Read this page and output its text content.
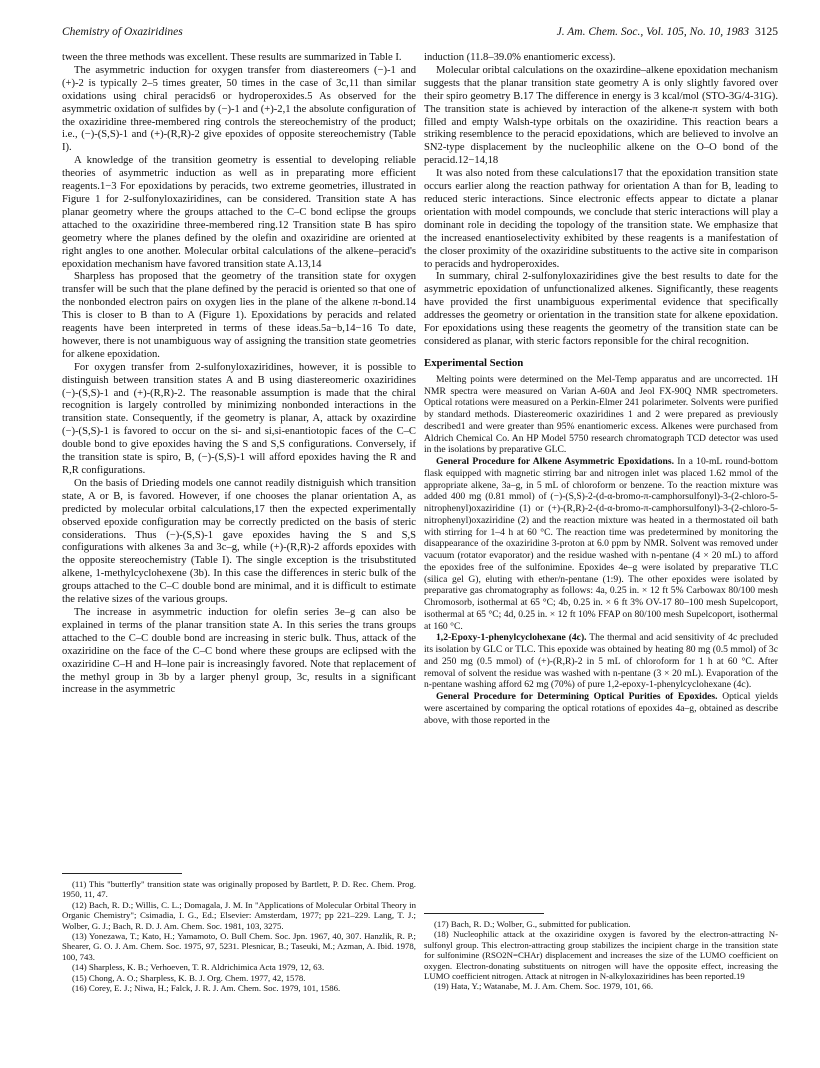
Chemistry of Oxaziridines	J. Am. Chem. Soc., Vol. 105, No. 10, 1983 3125

tween the three methods was excellent. These results are summarized in Table I.

The asymmetric induction for oxygen transfer from diastereomers (−)-1 and (+)-2 is typically 2–5 times greater, 50 times in the case of 3c,11 than similar oxidations using chiral peracids6 or hydroperoxides.5 As observed for the asymmetric oxidation of sulfides by (−)-1 and (+)-2,1 the absolute configuration of the oxaziridine three-membered ring controls the stereochemistry of the product; i.e., (−)-(S,S)-1 and (+)-(R,R)-2 give epoxides of opposite stereochemistry (Table I).

A knowledge of the transition geometry is essential to developing reliable theories of asymmetric induction as well as in preparating more efficient reagents.1−3 For epoxidations by peracids, two extreme geometries, illustrated in Figure 1 for 2-sulfonyloxaziridines, can be considered. Transition state A has planar geometry where the groups attached to the C–C bond eclipse the groups attached to the oxaziridine three-membered ring.12 Transition state B has spiro geometry where the planes defined by the olefin and oxaziridine are oriented at right angles to one another. Molecular orbital calculations of the alkene–peracid's epoxidation mechanism have favored transition state A.13,14

Sharpless has proposed that the geometry of the transition state for oxygen transfer will be such that the plane defined by the peracid is oriented so that one of the nonbonded electron pairs on oxygen lies in the plane of the alkene π-bond.14 This is closer to B than to A (Figure 1). Epoxidations by peracids and related reagents have been interpreted in terms of these ideas.5a−b,14−16 To date, however, there is not unambiguous way of assigning the transition state geometries for alkene epoxidation.

For oxygen transfer from 2-sulfonyloxaziridines, however, it is possible to distinguish between transition states A and B using diastereomeric oxaziridines (−)-(S,S)-1 and (+)-(R,R)-2. The reasonable assumption is made that the chiral recognition is largely controlled by minimizing nonbonded interactions in the transition state. Consequently, if the geometry is planar, A, attack by oxazirdine (−)-(S,S)-1 is favored to occur on the si- and si,si-enantiotopic faces of the C–C double bond to give epoxides having the S and S,S configurations. Conversely, if the transition state is spiro, B, (−)-(S,S)-1 will afford epoxides having the R and R,R configurations.

On the basis of Drieding models one cannot readily distniguish which transition state, A or B, is favored. However, if one chooses the planar orientation A, as predicted by molecular orbital calculations,17 then the expected experimentally observed epoxide configuration may be correctly predicted on the basis of steric considerations. Thus (−)-(S,S)-1 gave epoxides having the S and S,S configurations with alkenes 3a and 3c–g, while (+)-(R,R)-2 affords epoxides with the opposite stereochemistry (Table I). The single exception is the trisubstituted alkene, 1-methylcyclohexene (3b). In this case the differences in steric bulk of the groups attached to the C–C double bond are minimal, and it is difficult to estimate the relative sizes of the various groups.

The increase in asymmetric induction for olefin series 3e–g can also be explained in terms of the planar transition state A. In this series the trans groups attached to the C–C double bond are increasing in steric bulk. Thus, attack of the oxaziridine on the face of the C–C bond where these groups are eclipsed with the oxaziridine C–H and H–lone pair is increasingly favored. Note that replacement of the methyl group in 3b by a larger phenyl group, 3c, results in a significant increase in the asymmetric

induction (11.8–39.0% enantiomeric excess).

Molecular oribtal calculations on the oxazirdine–alkene epoxidation mechanism suggests that the planar transition state geometry A is only slightly favored over their spiro geometry B.17 The difference in energy is 3 kcal/mol (STO-3G/4-31G). The transition state is achieved by interaction of the alkene-π system with both filled and empty Walsh-type orbitals on the oxaziridine. This reaction bears a striking resemblence to the peracid epoxidations, which are believed to involve an SN2-type displacement by the nucleophilic alkene on the O–O bond of the peracid.12−14,18

It was also noted from these calculations17 that the epoxidation transition state occurs earlier along the reaction pathway for orientation A than for B, leading to reduced steric interactions. Since electronic effects appear to dictate a planar orientation with model compounds, we conclude that steric interactions will play a dominant role in deciding the topology of the transition state. We emphasize that the increased enantioselectivity exhibited by these reagents is a manifestation of the closer proximity of the oxaziridine substituents to the active site in comparison to peracids and hydroperoxides.

In summary, chiral 2-sulfonyloxaziridines give the best results to date for the asymmetric epoxidation of unfunctionalized alkenes. Significantly, these reagents have provided the first unambiguous experimental evidence that specifically addresses the geometry or orientation in the transition state for alkene epoxidation. For epoxidations using these reagents the geometry of the transition state can be considered as planar, with steric factors reponsible for the chiral recognition.

Experimental Section

Melting points were determined on the Mel-Temp apparatus and are uncorrected. 1H NMR spectra were measured on Varian A-60A and Jeol FX-90Q NMR spectrometers. Optical rotations were measured on a Perkin-Elmer 241 polarimeter. Solvents were purified by standard methods. Diastereomeric oxaziridines 1 and 2 were prepared as previously described1 and were greater than 95% enantiomeric excess. Alkenes were purchased from Aldrich Chemical Co. An HP Model 5750 research chromatograph TCD detector was used in the isolations by preparative GLC.

General Procedure for Alkene Asymmetric Epoxidations. In a 10-mL round-bottom flask equipped with magnetic stirring bar and nitrogen inlet was placed 1.62 mmol of the appropriate alkene, 3a–g, in 5 mL of chloroform or benzene. To the reaction mixture was added 400 mg (0.81 mmol) of (−)-(S,S)-2-(d-α-bromo-π-camphorsulfonyl)-3-(2-chloro-5-nitrophenyl)oxaziridine (1) or (+)-(R,R)-2-(d-α-bromo-π-camphorsulfonyl)-3-(2-chloro-5-nitrophenyl)oxaziridine (2) and the reaction mixture was heated in a thermostated oil bath with stirring for 1–4 h at 60 °C. The reaction time was predetermined by monitoring the disappearance of the oxaziridine 3-proton at 6.0 ppm by NMR. Solvent was removed under vacuum (rotator evaporator) and the residue washed with n-pentane (4 × 20 mL) to afford the epoxides free of the sulfonimine. Epoxides 4e–g were isolated by preparative TLC (silica gel G), eluting with ether/n-pentane (1:9). The other epoxides were isolated by preparative gas chromatography as follows: 4a, 0.25 in. × 12 ft 5% Carbowax 80/100 mesh Chromosorb, isothermal at 65 °C; 4b, 0.25 in. × 6 ft 3% OV-17 80–100 mesh Supelcoport, isothermal at 65 °C; 4d, 0.25 in. × 12 ft 10% FFAP on 80/100 mesh Supelcoport, isothermal at 160 °C.

1,2-Epoxy-1-phenylcyclohexane (4c). The thermal and acid sensitivity of 4c precluded its isolation by GLC or TLC. This epoxide was obtained by heating 80 mg (0.5 mmol) of 3c and 250 mg (0.5 mmol) of (+)-(R,R)-2 in 5 mL of chloroform for 1 h at 60 °C. After removal of solvent the residue was washed with n-pentane (3 × 20 mL). Evaporation of the n-pentane washing afford 62 mg (70%) of pure 1,2-epoxy-1-phenylcyclohexane (4c).

General Procedure for Determining Optical Purities of Epoxides. Optical yields were ascertained by comparing the optical rotations of epoxides 4a–g, obtained as describe above, with those reported in the

(11) This "butterfly" transition state was originally proposed by Bartlett, P. D. Rec. Chem. Prog. 1950, 11, 47.

(12) Bach, R. D.; Willis, C. L.; Domagala, J. M. In "Applications of Molecular Orbital Theory in Organic Chemistry"; Csimadia, I. G., Ed.; Elsevier: Amsterdam, 1977; pp 221–229. Lang, T. J.; Wolber, G. J.; Bach, R. D. J. Am. Chem. Soc. 1981, 103, 3275.

(13) Yonezawa, T.; Kato, H.; Yamamoto, O. Bull Chem. Soc. Jpn. 1967, 40, 307. Hanzlik, R. P.; Shearer, G. O. J. Am. Chem. Soc. 1975, 97, 5231. Plesnicar, B.; Taseuki, M.; Azman, A. Ibid. 1978, 100, 743.

(14) Sharpless, K. B.; Verhoeven, T. R. Aldrichimica Acta 1979, 12, 63.

(15) Chong, A. O.; Sharpless, K. B. J. Org. Chem. 1977, 42, 1578.

(16) Corey, E. J.; Niwa, H.; Falck, J. R. J. Am. Chem. Soc. 1979, 101, 1586.

(17) Bach, R. D.; Wolber, G., submitted for publication.

(18) Nucleophilic attack at the oxaziridine oxygen is favored by the electron-attracting N-sulfonyl group. This electron-attracting group stabilizes the incipient charge in the transition state for sulfonimine (RSO2N=CHAr) displacement and increases the size of the LUMO coefficient on oxygen. Electron-donating substituents on nitrogen will have the opposite effect, increasing the LUMO coefficient nitrogen. Attack at nitrogen in N-alkyloxaziridines has been reported.19

(19) Hata, Y.; Watanabe, M. J. Am. Chem. Soc. 1979, 101, 66.
